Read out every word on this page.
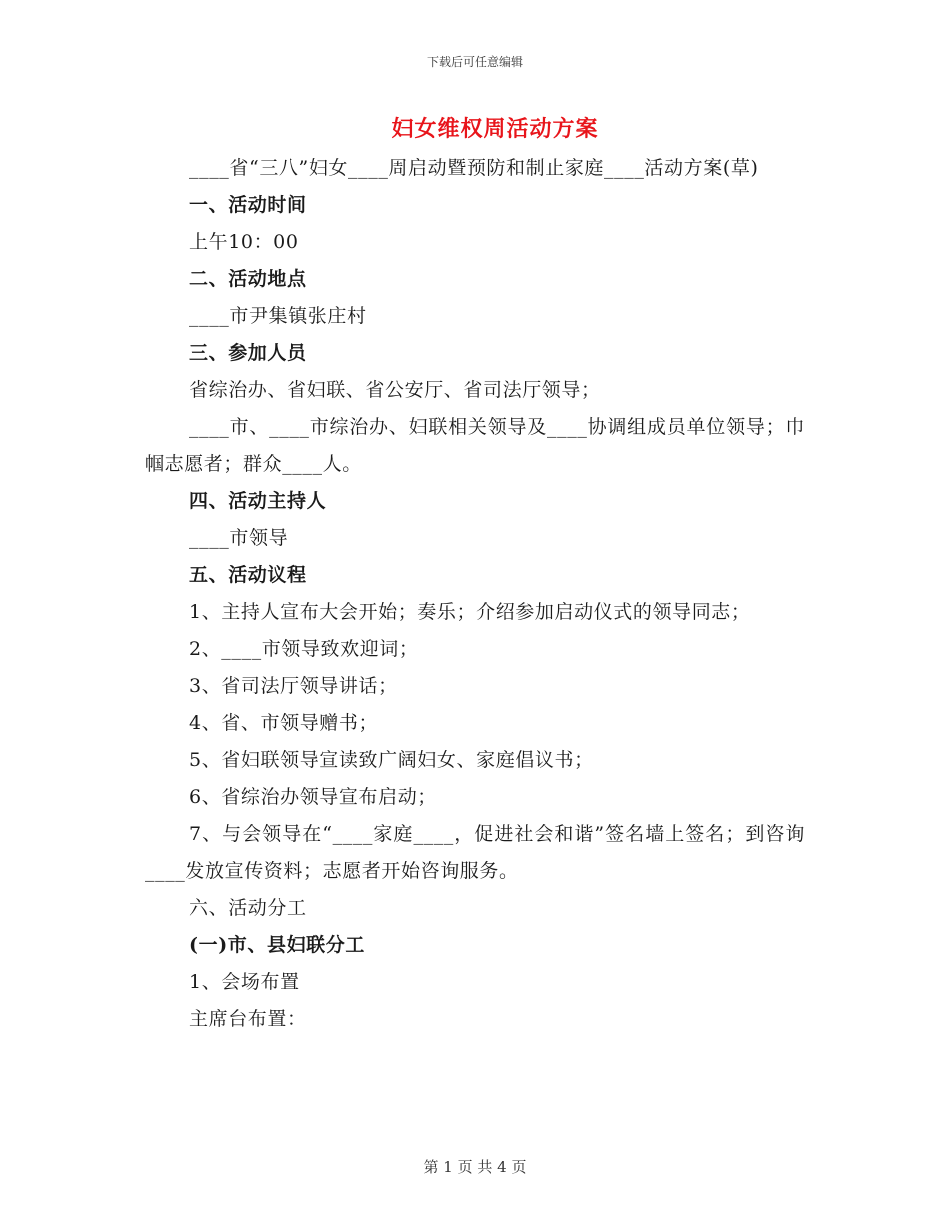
下载后可任意编辑
妇女维权周活动方案
____省“三八”妇女____周启动暨预防和制止家庭____活动方案(草)
一、活动时间
上午10：00
二、活动地点
____市尹集镇张庄村
三、参加人员
省综治办、省妇联、省公安厅、省司法厅领导；
____市、____市综治办、妇联相关领导及____协调组成员单位领导；巾帼志愿者；群众____人。
四、活动主持人
____市领导
五、活动议程
1、主持人宣布大会开始；奏乐；介绍参加启动仪式的领导同志；
2、____市领导致欢迎词；
3、省司法厅领导讲话；
4、省、市领导赠书；
5、省妇联领导宣读致广阔妇女、家庭倡议书；
6、省综治办领导宣布启动；
7、与会领导在“____家庭____，促进社会和谐”签名墙上签名；到咨询____发放宣传资料；志愿者开始咨询服务。
六、活动分工
(一)市、县妇联分工
1、会场布置
主席台布置：
第 1 页 共 4 页
